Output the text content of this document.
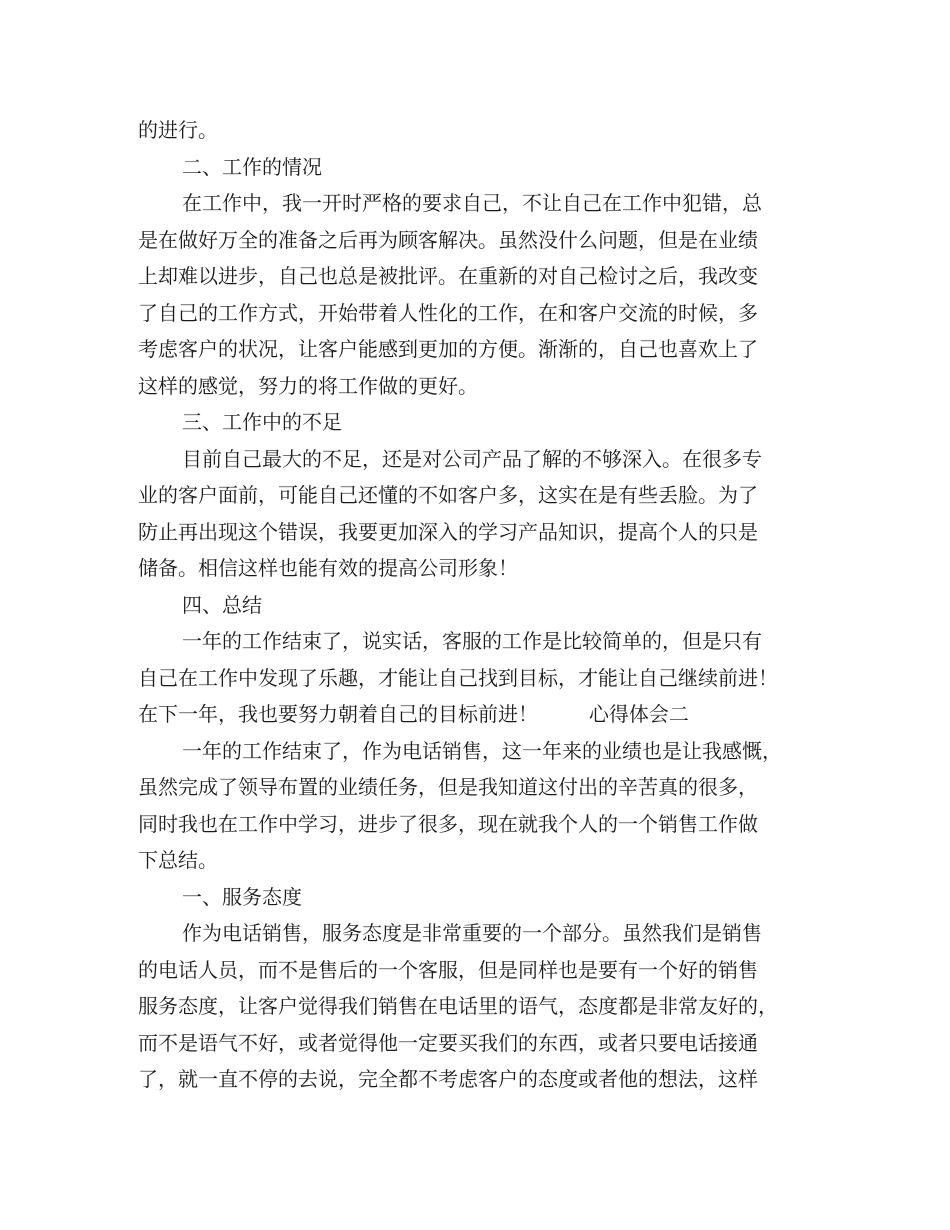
的进行。
二、工作的情况
在工作中，我一开时严格的要求自己，不让自己在工作中犯错，总
是在做好万全的准备之后再为顾客解决。虽然没什么问题，但是在业绩
上却难以进步，自己也总是被批评。在重新的对自己检讨之后，我改变
了自己的工作方式，开始带着人性化的工作，在和客户交流的时候，多
考虑客户的状况，让客户能感到更加的方便。渐渐的，自己也喜欢上了
这样的感觉，努力的将工作做的更好。
三、工作中的不足
目前自己最大的不足，还是对公司产品了解的不够深入。在很多专
业的客户面前，可能自己还懂的不如客户多，这实在是有些丢脸。为了
防止再出现这个错误，我要更加深入的学习产品知识，提高个人的只是
储备。相信这样也能有效的提高公司形象！
四、总结
一年的工作结束了，说实话，客服的工作是比较简单的，但是只有
自己在工作中发现了乐趣，才能让自己找到目标，才能让自己继续前进！
在下一年，我也要努力朝着自己的目标前进！        心得体会二
一年的工作结束了，作为电话销售，这一年来的业绩也是让我感慨，
虽然完成了领导布置的业绩任务，但是我知道这付出的辛苦真的很多，
同时我也在工作中学习，进步了很多，现在就我个人的一个销售工作做
下总结。
一、服务态度
作为电话销售，服务态度是非常重要的一个部分。虽然我们是销售
的电话人员，而不是售后的一个客服，但是同样也是要有一个好的销售
服务态度，让客户觉得我们销售在电话里的语气，态度都是非常友好的，
而不是语气不好，或者觉得他一定要买我们的东西，或者只要电话接通
了，就一直不停的去说，完全都不考虑客户的态度或者他的想法，这样
